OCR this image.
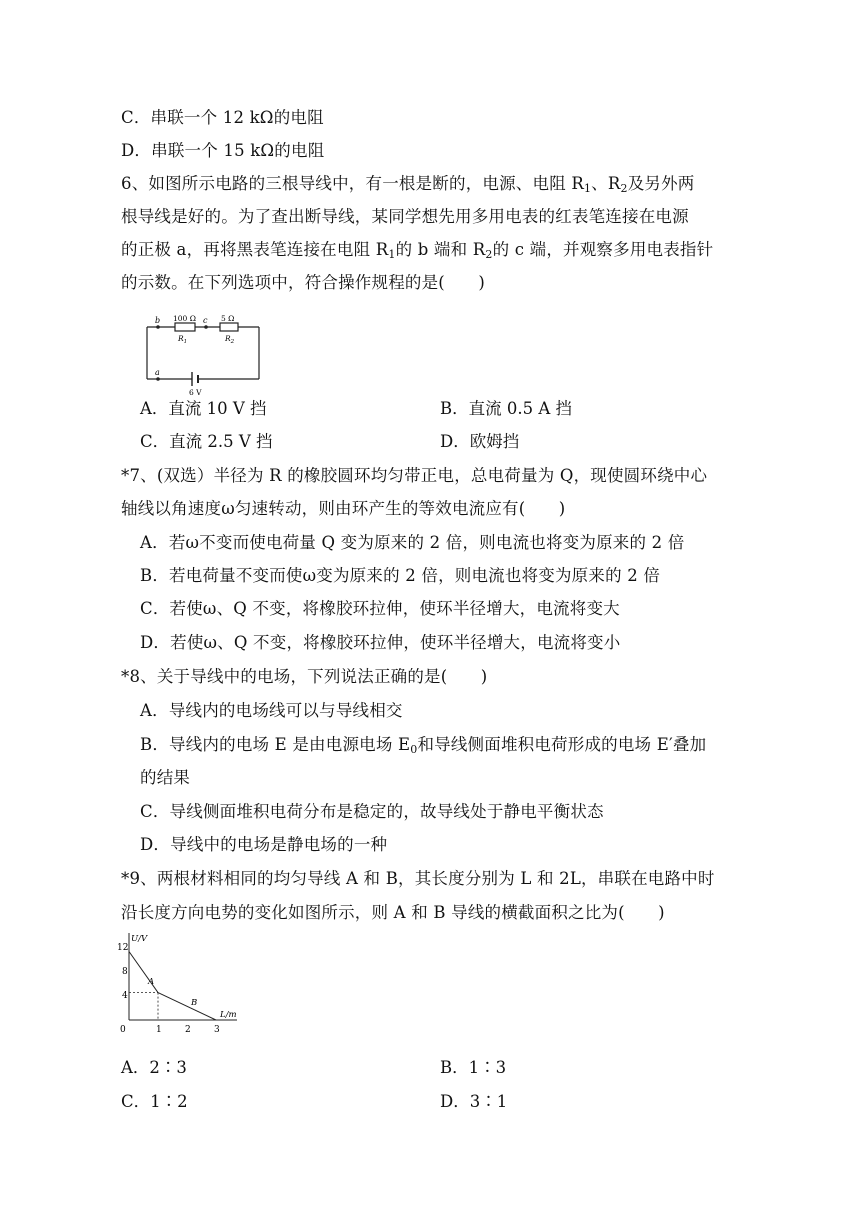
C．串联一个 12 kΩ的电阻
D．串联一个 15 kΩ的电阻
6、如图所示电路的三根导线中，有一根是断的，电源、电阻 $R_1$、$R_2$及另外两
根导线是好的。为了查出断导线，某同学想先用多用电表的红表笔连接在电源
的正极 a，再将黑表笔连接在电阻 $R_1$的 b 端和 $R_2$的 c 端，并观察多用电表指针
的示数。在下列选项中，符合操作规程的是(　　)
b	c
a
100 Ω	5 Ω
$R_1$	$R_2$
6 V
A．直流 10 V 挡	B．直流 0.5 A 挡
C．直流 2.5 V 挡	D．欧姆挡
*7、(双选）半径为 R 的橡胶圆环均匀带正电，总电荷量为 Q，现使圆环绕中心
轴线以角速度ω匀速转动，则由环产生的等效电流应有(　　)
A．若ω不变而使电荷量 Q 变为原来的 2 倍，则电流也将变为原来的 2 倍
B．若电荷量不变而使ω变为原来的 2 倍，则电流也将变为原来的 2 倍
C．若使ω、Q 不变，将橡胶环拉伸，使环半径增大，电流将变大
D．若使ω、Q 不变，将橡胶环拉伸，使环半径增大，电流将变小
*8、关于导线中的电场，下列说法正确的是(　　)
A．导线内的电场线可以与导线相交
B．导线内的电场 E 是由电源电场 $E_0$和导线侧面堆积电荷形成的电场 E′叠加
的结果
C．导线侧面堆积电荷分布是稳定的，故导线处于静电平衡状态
D．导线中的电场是静电场的一种
*9、两根材料相同的均匀导线 A 和 B，其长度分别为 L 和 2L，串联在电路中时
沿长度方向电势的变化如图所示，则 A 和 B 导线的横截面积之比为(　　)
U/V
L/m
12
8
4
0	1	2	3
A
B
A．2∶3	B．1∶3
C．1∶2	D．3∶1
